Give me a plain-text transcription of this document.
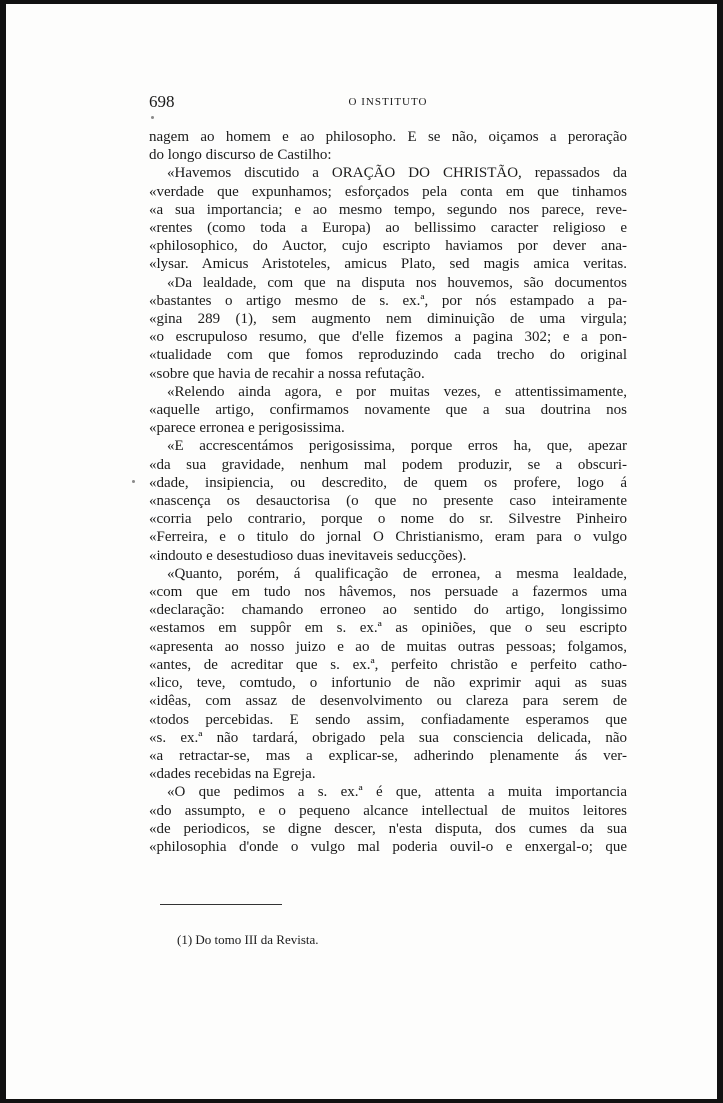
698	O INSTITUTO
nagem ao homem e ao philosopho. E se não, oiçamos a peroração
do longo discurso de Castilho:
«Havemos discutido a ORAÇÃO DO CHRISTÃO, repassados da
«verdade que expunhamos; esforçados pela conta em que tinhamos
«a sua importancia; e ao mesmo tempo, segundo nos parece, reve-
«rentes (como toda a Europa) ao bellissimo caracter religioso e
«philosophico, do Auctor, cujo escripto haviamos por dever ana-
«lysar. Amicus Aristoteles, amicus Plato, sed magis amica veritas.
«Da lealdade, com que na disputa nos houvemos, são documentos
«bastantes o artigo mesmo de s. ex.ª, por nós estampado a pa-
«gina 289 (1), sem augmento nem diminuição de uma virgula;
«o escrupuloso resumo, que d'elle fizemos a pagina 302; e a pon-
«tualidade com que fomos reproduzindo cada trecho do original
«sobre que havia de recahir a nossa refutação.
«Relendo ainda agora, e por muitas vezes, e attentissimamente,
«aquelle artigo, confirmamos novamente que a sua doutrina nos
«parece erronea e perigosissima.
«E accrescentámos perigosissima, porque erros ha, que, apezar
«da sua gravidade, nenhum mal podem produzir, se a obscuri-
«dade, insipiencia, ou descredito, de quem os profere, logo á
«nascença os desauctorisa (o que no presente caso inteiramente
«corria pelo contrario, porque o nome do sr. Silvestre Pinheiro
«Ferreira, e o titulo do jornal O Christianismo, eram para o vulgo
«indouto e desestudioso duas inevitaveis seducções).
«Quanto, porém, á qualificação de erronea, a mesma lealdade,
«com que em tudo nos hâvemos, nos persuade a fazermos uma
«declaração: chamando erroneo ao sentido do artigo, longissimo
«estamos em suppôr em s. ex.ª as opiniões, que o seu escripto
«apresenta ao nosso juizo e ao de muitas outras pessoas; folgamos,
«antes, de acreditar que s. ex.ª, perfeito christão e perfeito catho-
«lico, teve, comtudo, o infortunio de não exprimir aqui as suas
«idêas, com assaz de desenvolvimento ou clareza para serem de
«todos percebidas. E sendo assim, confiadamente esperamos que
«s. ex.ª não tardará, obrigado pela sua consciencia delicada, não
«a retractar-se, mas a explicar-se, adherindo plenamente ás ver-
«dades recebidas na Egreja.
«O que pedimos a s. ex.ª é que, attenta a muita importancia
«do assumpto, e o pequeno alcance intellectual de muitos leitores
«de periodicos, se digne descer, n'esta disputa, dos cumes da sua
«philosophia d'onde o vulgo mal poderia ouvil-o e enxergal-o; que
(1) Do tomo III da Revista.
